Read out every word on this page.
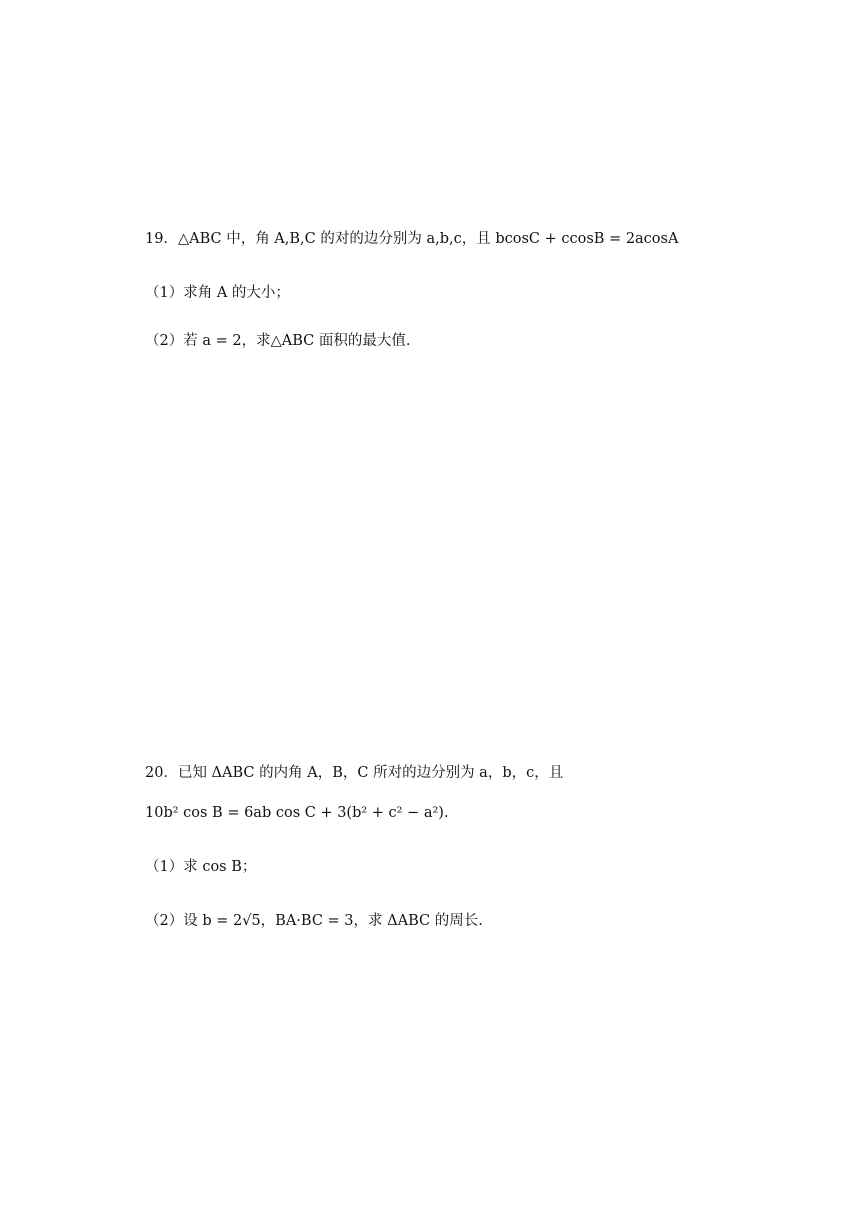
19．△ABC 中，角 A,B,C 的对的边分别为 a,b,c，且 bcosC + ccosB = 2acosA
（1）求角 A 的大小；
（2）若 a = 2，求△ABC 面积的最大值.
20．已知 ΔABC 的内角 A，B，C 所对的边分别为 a，b，c，且
10b² cos B = 6ab cos C + 3(b² + c² − a²).
（1）求 cos B；
（2）设 b = 2√5，BA·BC = 3，求 ΔABC 的周长.
